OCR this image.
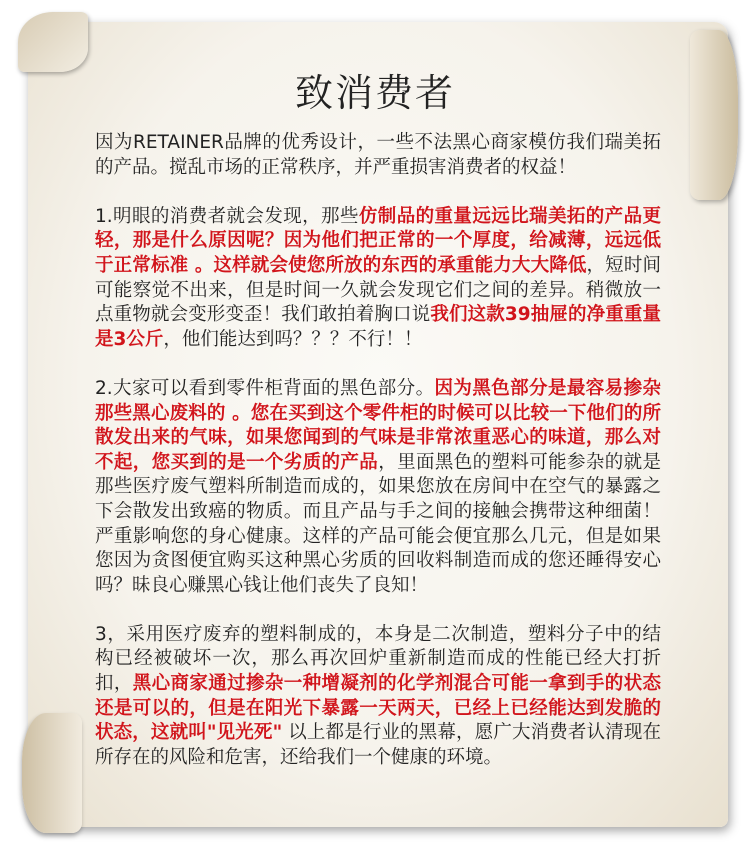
致消费者

因为RETAINER品牌的优秀设计，一些不法黑心商家模仿我们瑞美拓的产品。搅乱市场的正常秩序，并严重损害消费者的权益！

1.明眼的消费者就会发现，那些仿制品的重量远远比瑞美拓的产品更轻，那是什么原因呢？因为他们把正常的一个厚度，给减薄，远远低于正常标准 。这样就会使您所放的东西的承重能力大大降低，短时间可能察觉不出来，但是时间一久就会发现它们之间的差异。稍微放一点重物就会变形变歪！我们敢拍着胸口说我们这款39抽屉的净重重量是3公斤，他们能达到吗？？？不行！！

2.大家可以看到零件柜背面的黑色部分。因为黑色部分是最容易掺杂那些黑心废料的 。您在买到这个零件柜的时候可以比较一下他们的所散发出来的气味，如果您闻到的气味是非常浓重恶心的味道，那么对不起，您买到的是一个劣质的产品，里面黑色的塑料可能参杂的就是那些医疗废气塑料所制造而成的，如果您放在房间中在空气的暴露之下会散发出致癌的物质。而且产品与手之间的接触会携带这种细菌！严重影响您的身心健康。这样的产品可能会便宜那么几元，但是如果您因为贪图便宜购买这种黑心劣质的回收料制造而成的您还睡得安心吗？昧良心赚黑心钱让他们丧失了良知！

3，采用医疗废弃的塑料制成的，本身是二次制造，塑料分子中的结构已经被破坏一次，那么再次回炉重新制造而成的性能已经大打折扣，黑心商家通过掺杂一种增凝剂的化学剂混合可能一拿到手的状态还是可以的，但是在阳光下暴露一天两天，已经上已经能达到发脆的状态，这就叫"见光死" 以上都是行业的黑幕，愿广大消费者认清现在所存在的风险和危害，还给我们一个健康的环境。
